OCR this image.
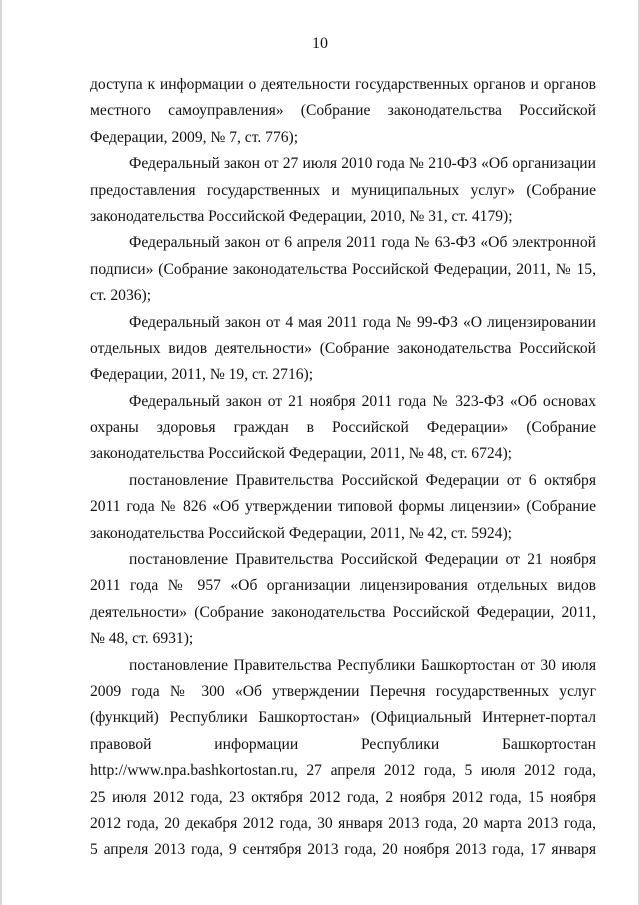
10
доступа к информации о деятельности государственных органов и органов
местного самоуправления» (Собрание законодательства Российской
Федерации, 2009, № 7, ст. 776);
Федеральный закон от 27 июля 2010 года № 210-ФЗ «Об организации
предоставления государственных и муниципальных услуг» (Собрание
законодательства Российской Федерации, 2010, № 31, ст. 4179);
Федеральный закон от 6 апреля 2011 года № 63-ФЗ «Об электронной
подписи» (Собрание законодательства Российской Федерации, 2011, № 15,
ст. 2036);
Федеральный закон от 4 мая 2011 года № 99-ФЗ «О лицензировании
отдельных видов деятельности» (Собрание законодательства Российской
Федерации, 2011, № 19, ст. 2716);
Федеральный закон от 21 ноября 2011 года № 323-ФЗ «Об основах
охраны здоровья граждан в Российской Федерации» (Собрание
законодательства Российской Федерации, 2011, № 48, ст. 6724);
постановление Правительства Российской Федерации от 6 октября
2011 года № 826 «Об утверждении типовой формы лицензии» (Собрание
законодательства Российской Федерации, 2011, № 42, ст. 5924);
постановление Правительства Российской Федерации от 21 ноября
2011 года № 957 «Об организации лицензирования отдельных видов
деятельности» (Собрание законодательства Российской Федерации, 2011,
№ 48, ст. 6931);
постановление Правительства Республики Башкортостан от 30 июля
2009 года № 300 «Об утверждении Перечня государственных услуг
(функций) Республики Башкортостан» (Официальный Интернет-портал
правовой информации Республики Башкортостан
http://www.npa.bashkortostan.ru, 27 апреля 2012 года, 5 июля 2012 года,
25 июля 2012 года, 23 октября 2012 года, 2 ноября 2012 года, 15 ноября
2012 года, 20 декабря 2012 года, 30 января 2013 года, 20 марта 2013 года,
5 апреля 2013 года, 9 сентября 2013 года, 20 ноября 2013 года, 17 января
